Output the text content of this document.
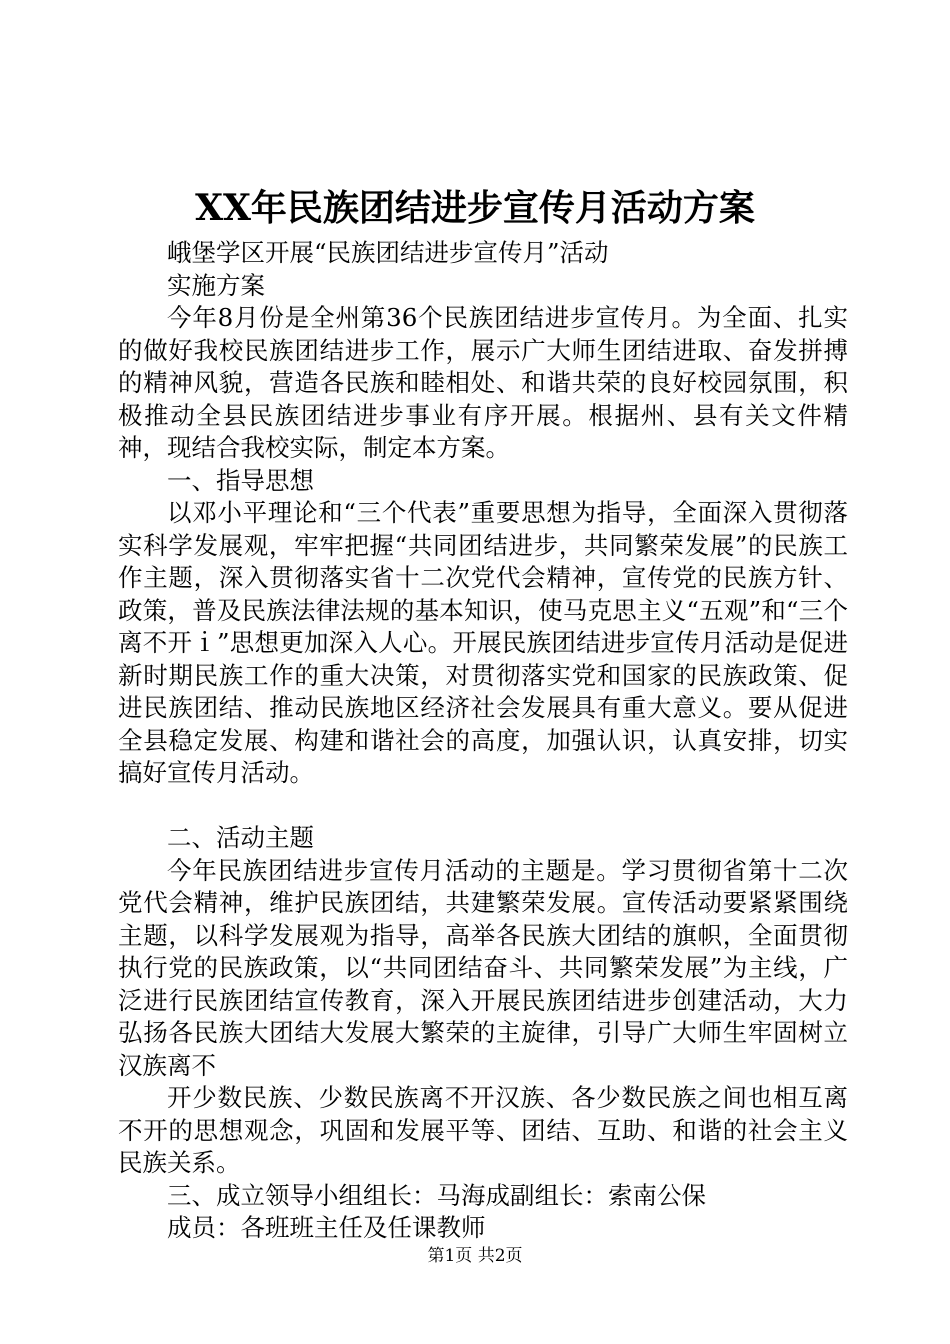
XX年民族团结进步宣传月活动方案

峨堡学区开展“民族团结进步宣传月”活动

实施方案

今年8月份是全州第36个民族团结进步宣传月。为全面、扎实的做好我校民族团结进步工作，展示广大师生团结进取、奋发拼搏的精神风貌，营造各民族和睦相处、和谐共荣的良好校园氛围，积极推动全县民族团结进步事业有序开展。根据州、县有关文件精神，现结合我校实际，制定本方案。

一、指导思想

以邓小平理论和“三个代表”重要思想为指导，全面深入贯彻落实科学发展观，牢牢把握“共同团结进步，共同繁荣发展”的民族工作主题，深入贯彻落实省十二次党代会精神，宣传党的民族方针、政策，普及民族法律法规的基本知识，使马克思主义“五观”和“三个离不开ｉ”思想更加深入人心。开展民族团结进步宣传月活动是促进新时期民族工作的重大决策，对贯彻落实党和国家的民族政策、促进民族团结、推动民族地区经济社会发展具有重大意义。要从促进全县稳定发展、构建和谐社会的高度，加强认识，认真安排，切实搞好宣传月活动。

二、活动主题

今年民族团结进步宣传月活动的主题是。学习贯彻省第十二次党代会精神，维护民族团结，共建繁荣发展。宣传活动要紧紧围绕主题，以科学发展观为指导，高举各民族大团结的旗帜，全面贯彻执行党的民族政策，以“共同团结奋斗、共同繁荣发展”为主线，广泛进行民族团结宣传教育，深入开展民族团结进步创建活动，大力弘扬各民族大团结大发展大繁荣的主旋律，引导广大师生牢固树立汉族离不

开少数民族、少数民族离不开汉族、各少数民族之间也相互离不开的思想观念，巩固和发展平等、团结、互助、和谐的社会主义民族关系。

三、成立领导小组组长：马海成副组长：索南公保

成员：各班班主任及任课教师

第1页 共2页
